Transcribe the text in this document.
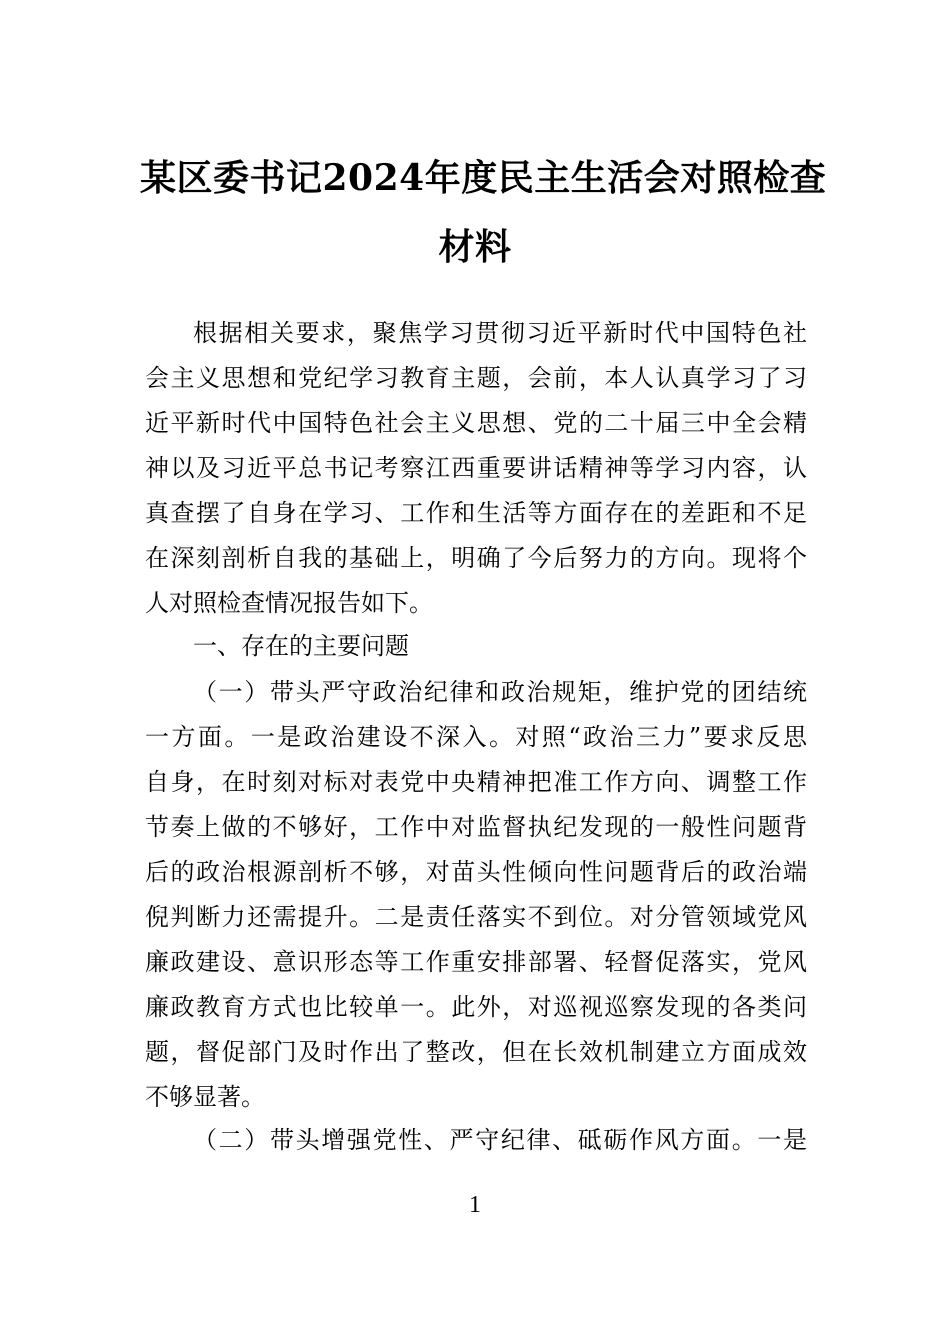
某区委书记2024年度民主生活会对照检查
材料
根据相关要求，聚焦学习贯彻习近平新时代中国特色社
会主义思想和党纪学习教育主题，会前，本人认真学习了习
近平新时代中国特色社会主义思想、党的二十届三中全会精
神以及习近平总书记考察江西重要讲话精神等学习内容，认
真查摆了自身在学习、工作和生活等方面存在的差距和不足
在深刻剖析自我的基础上，明确了今后努力的方向。现将个
人对照检查情况报告如下。
一、存在的主要问题
（一）带头严守政治纪律和政治规矩，维护党的团结统
一方面。一是政治建设不深入。对照“政治三力”要求反思
自身，在时刻对标对表党中央精神把准工作方向、调整工作
节奏上做的不够好，工作中对监督执纪发现的一般性问题背
后的政治根源剖析不够，对苗头性倾向性问题背后的政治端
倪判断力还需提升。二是责任落实不到位。对分管领域党风
廉政建设、意识形态等工作重安排部署、轻督促落实，党风
廉政教育方式也比较单一。此外，对巡视巡察发现的各类问
题，督促部门及时作出了整改，但在长效机制建立方面成效
不够显著。
（二）带头增强党性、严守纪律、砥砺作风方面。一是
1
